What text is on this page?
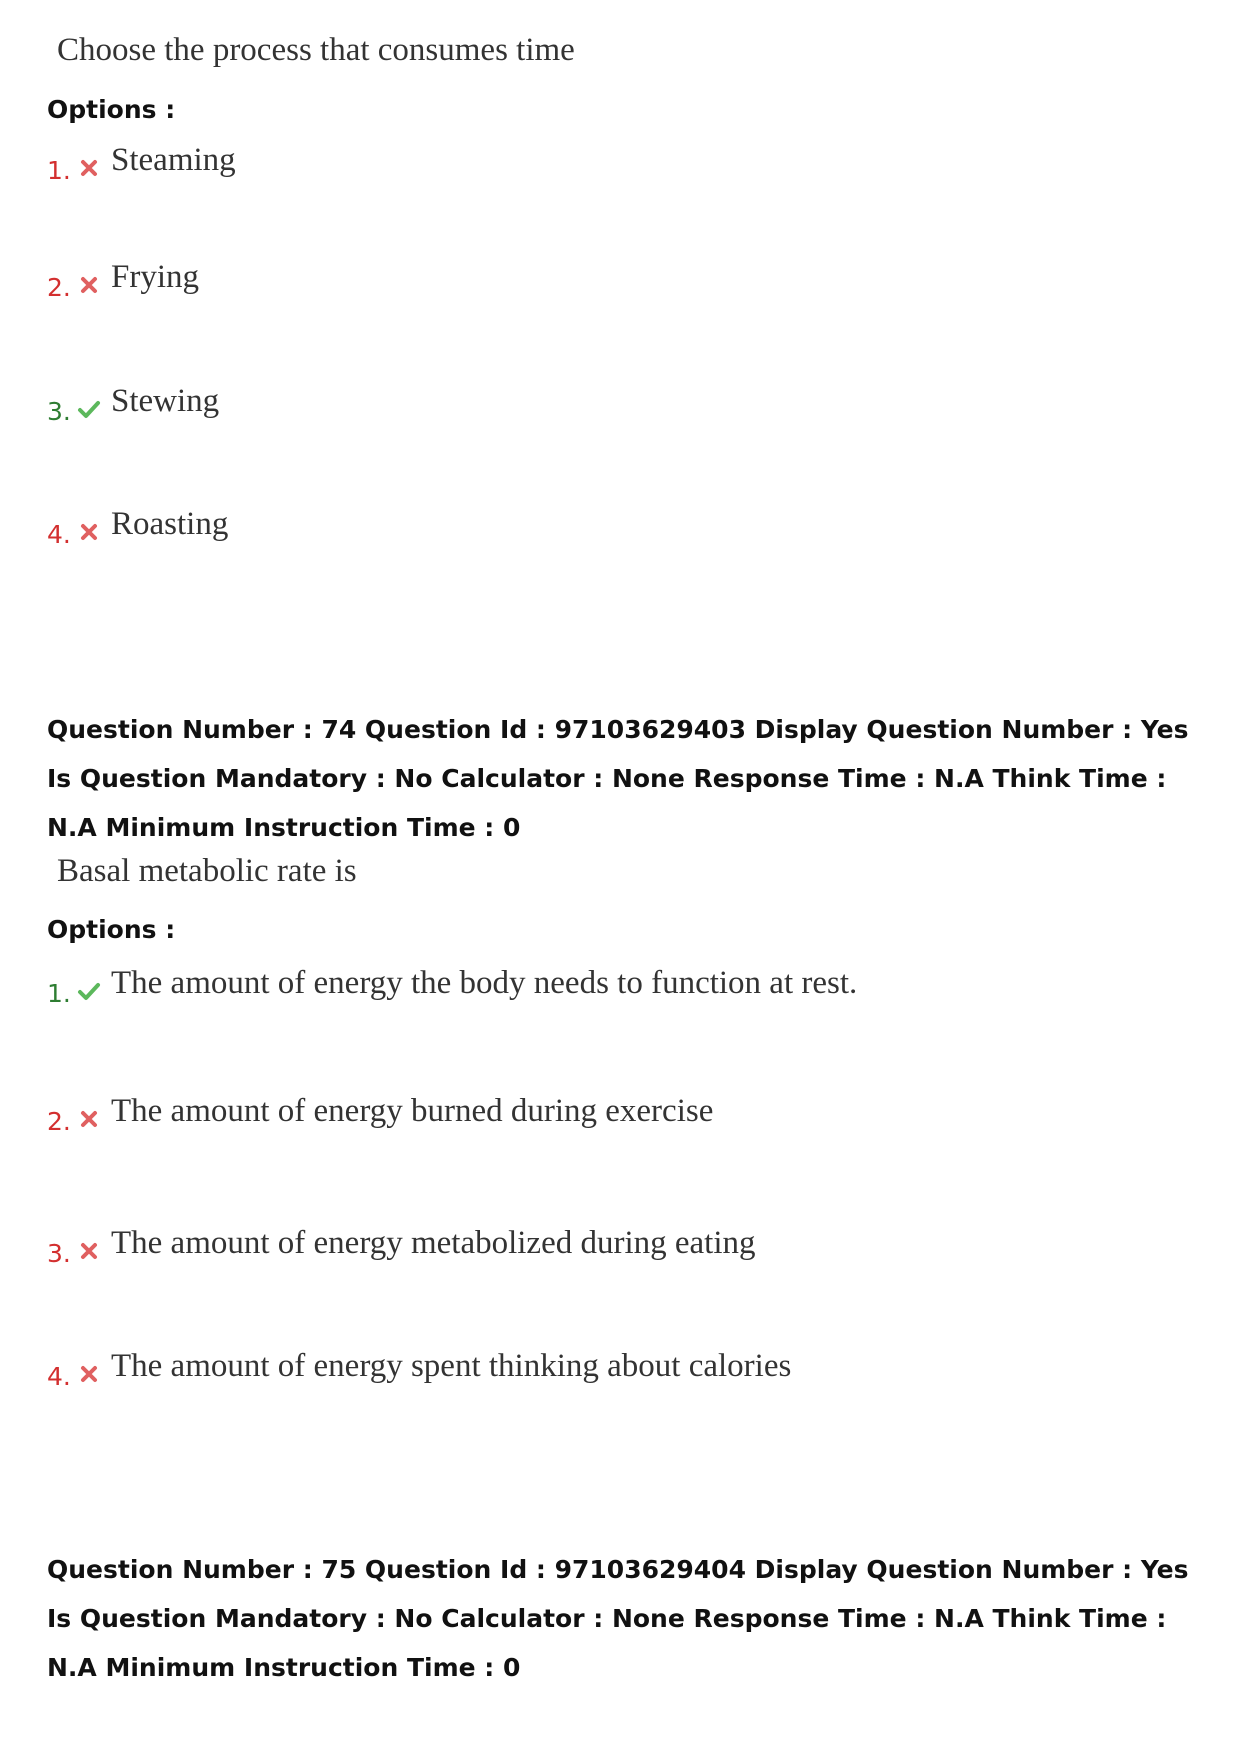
Choose the process that consumes time
Options :
1. Steaming
2. Frying
3. Stewing
4. Roasting
Question Number : 74 Question Id : 97103629403 Display Question Number : Yes Is Question Mandatory : No Calculator : None Response Time : N.A Think Time : N.A Minimum Instruction Time : 0
Basal metabolic rate is
Options :
1. The amount of energy the body needs to function at rest.
2. The amount of energy burned during exercise
3. The amount of energy metabolized during eating
4. The amount of energy spent thinking about calories
Question Number : 75 Question Id : 97103629404 Display Question Number : Yes Is Question Mandatory : No Calculator : None Response Time : N.A Think Time : N.A Minimum Instruction Time : 0
